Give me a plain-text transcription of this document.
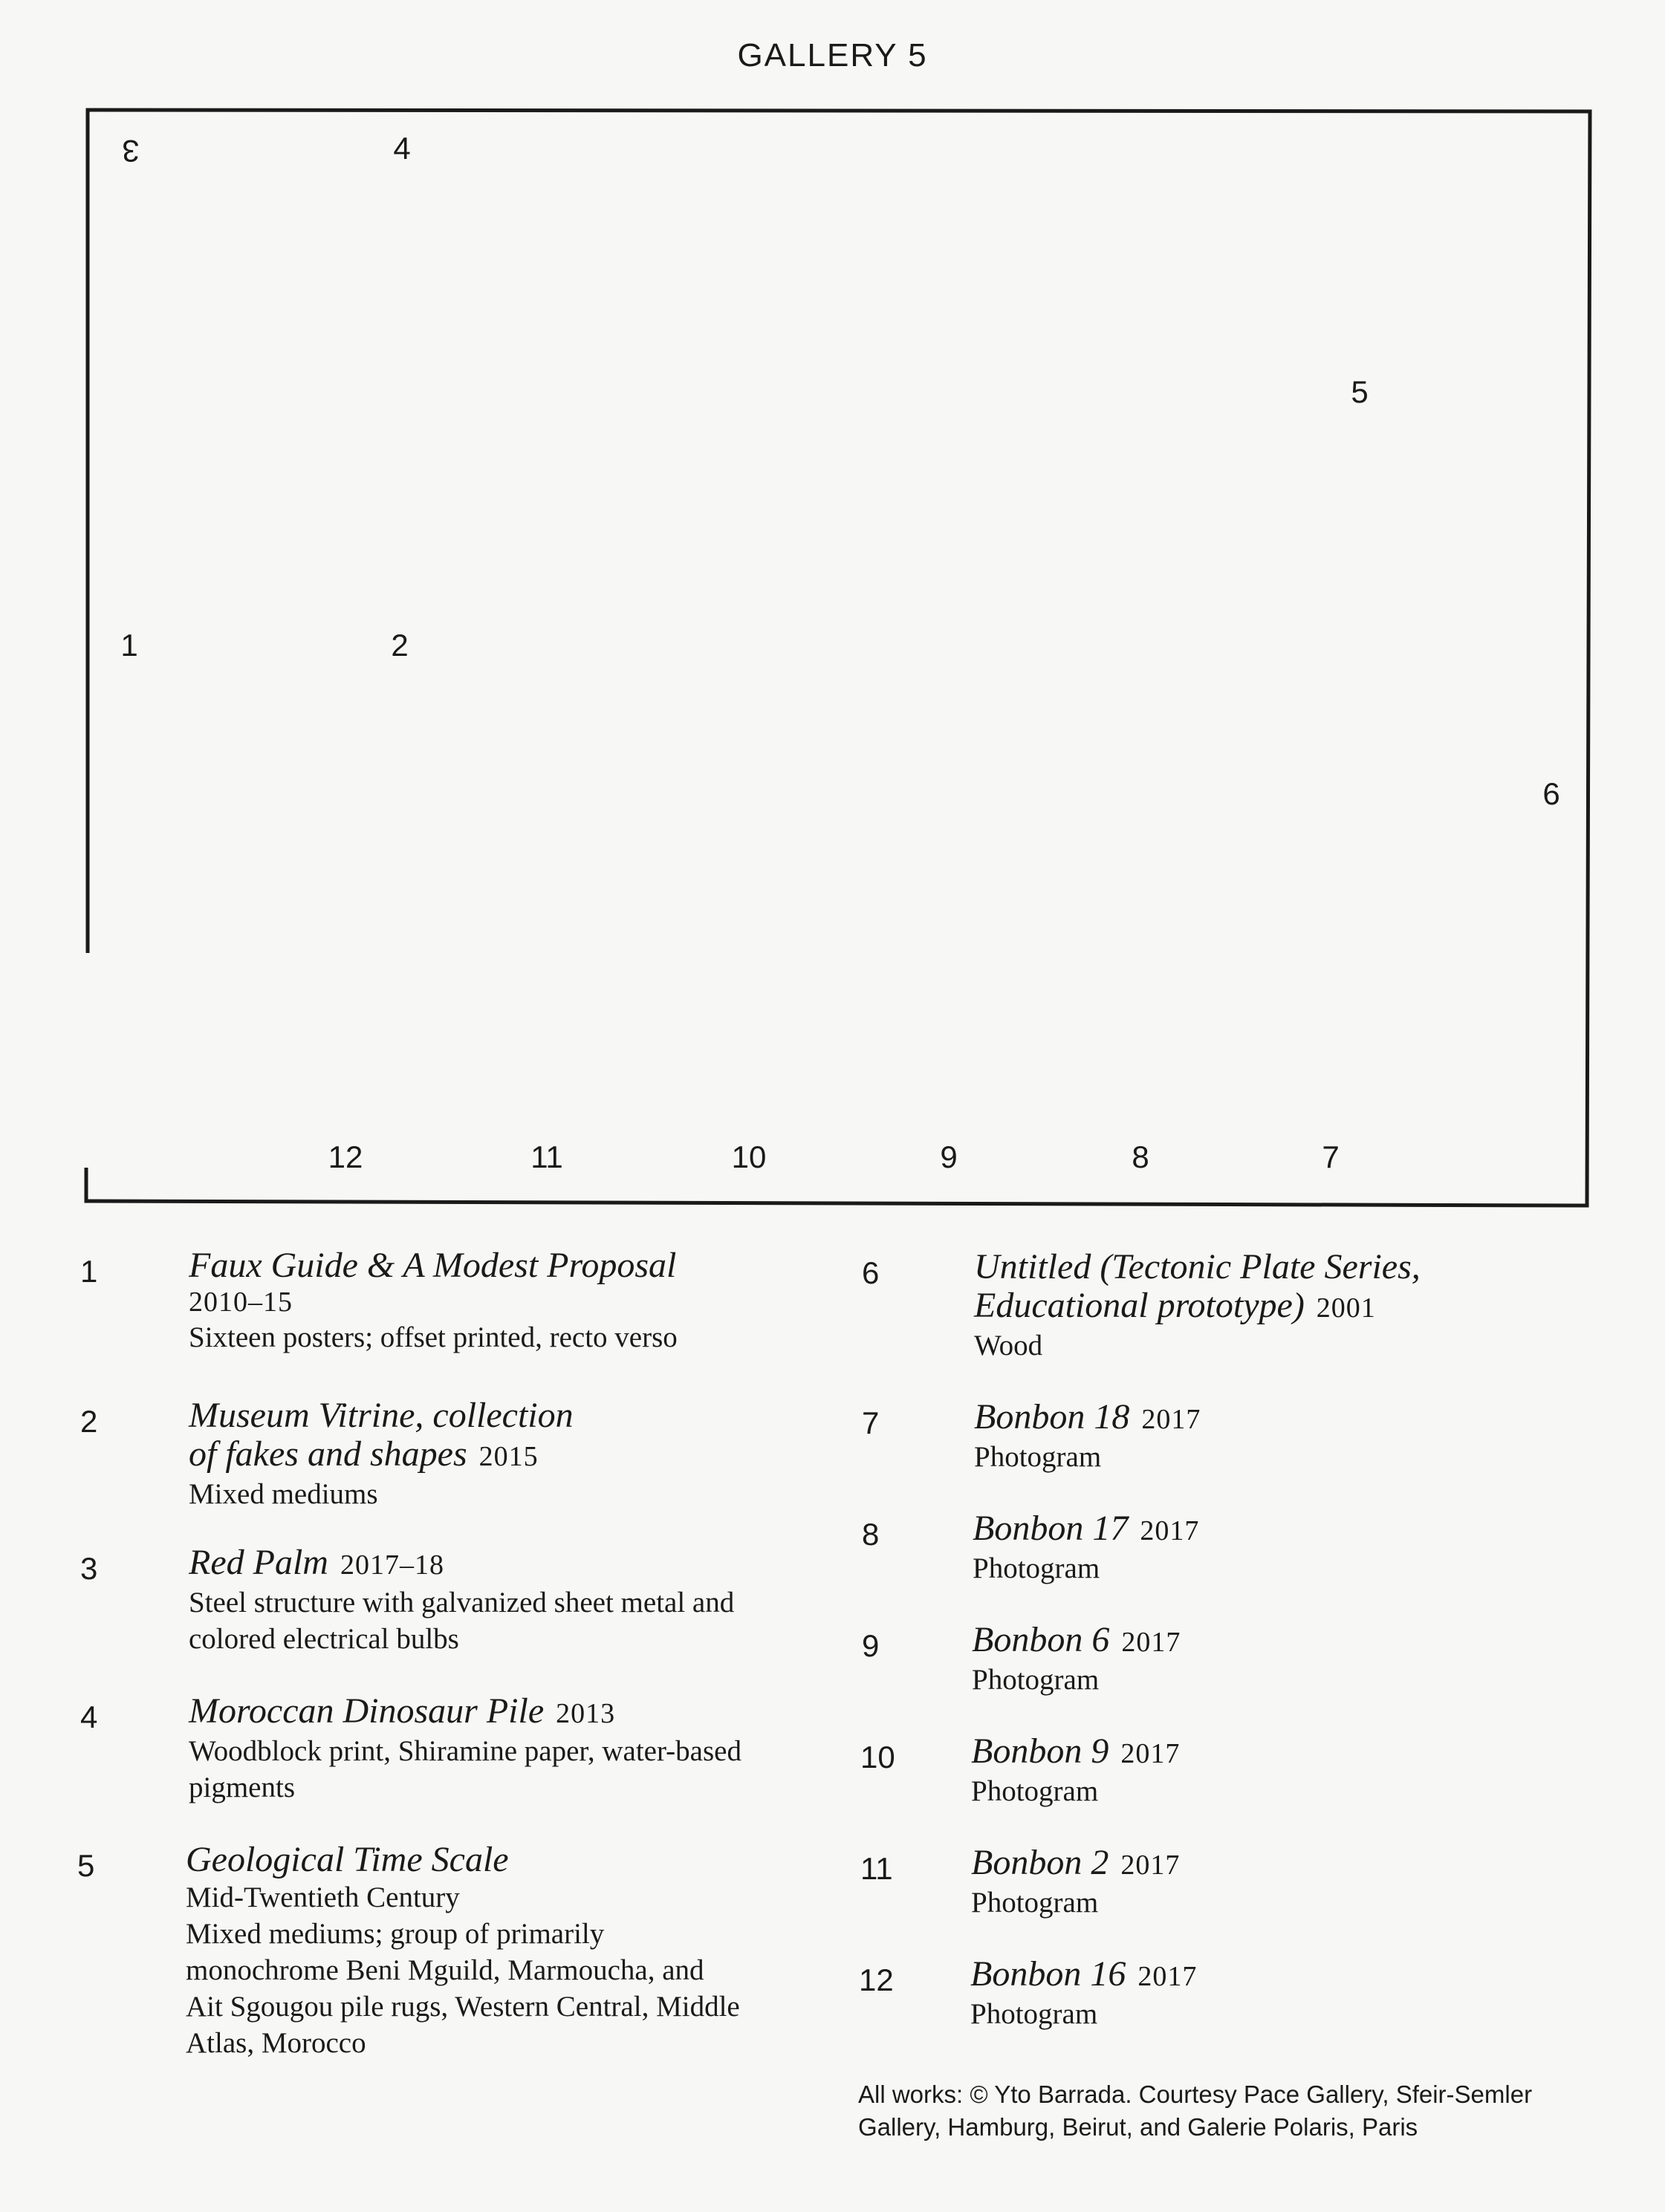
GALLERY 5
3	4
5
1	2
6
12	11	10	9	8	7
1	Faux Guide & A Modest Proposal
2010–15
Sixteen posters; offset printed, recto verso
2	Museum Vitrine, collection
of fakes and shapes 2015
Mixed mediums
3	Red Palm 2017–18
Steel structure with galvanized sheet metal and
colored electrical bulbs
4	Moroccan Dinosaur Pile 2013
Woodblock print, Shiramine paper, water-based
pigments
5	Geological Time Scale
Mid-Twentieth Century
Mixed mediums; group of primarily
monochrome Beni Mguild, Marmoucha, and
Ait Sgougou pile rugs, Western Central, Middle
Atlas, Morocco
6	Untitled (Tectonic Plate Series,
Educational prototype) 2001
Wood
7	Bonbon 18 2017
Photogram
8	Bonbon 17 2017
Photogram
9	Bonbon 6 2017
Photogram
10 Bonbon 9 2017
Photogram
11 Bonbon 2 2017
Photogram
12 Bonbon 16 2017
Photogram
All works: © Yto Barrada. Courtesy Pace Gallery, Sfeir-Semler
Gallery, Hamburg, Beirut, and Galerie Polaris, Paris
